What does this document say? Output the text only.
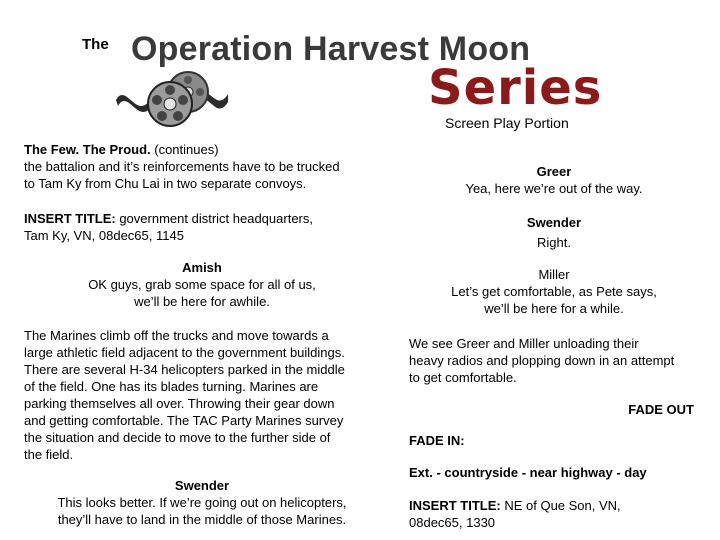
The Operation Harvest Moon
Series
Screen Play Portion
The Few. The Proud. (continues)
the battalion and it’s reinforcements have to be trucked
to Tam Ky from Chu Lai in two separate convoys.
INSERT TITLE: government district headquarters,
Tam Ky, VN, 08dec65, 1145
Amish
OK guys, grab some space for all of us,
we’ll be here for awhile.
The Marines climb off the trucks and move towards a
large athletic field adjacent to the government buildings.
There are several H-34 helicopters parked in the middle
of the field. One has its blades turning. Marines are
parking themselves all over. Throwing their gear down
and getting comfortable. The TAC Party Marines survey
the situation and decide to move to the further side of
the field.
Swender
This looks better. If we’re going out on helicopters,
they’ll have to land in the middle of those Marines.
Greer
Yea, here we’re out of the way.
Swender
Right.
Miller
Let’s get comfortable, as Pete says,
we’ll be here for a while.
We see Greer and Miller unloading their
heavy radios and plopping down in an attempt
to get comfortable.
FADE OUT
FADE IN:
Ext. - countryside - near highway - day
INSERT TITLE: NE of Que Son, VN,
08dec65, 1330
